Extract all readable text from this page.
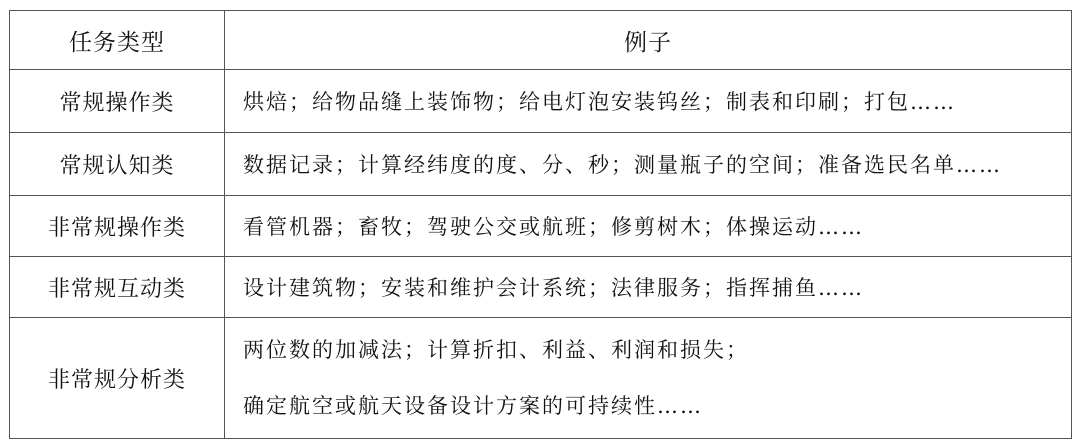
任务类型	例子
常规操作类	烘焙；给物品缝上装饰物；给电灯泡安装钨丝；制表和印刷；打包……
常规认知类	数据记录；计算经纬度的度、分、秒；测量瓶子的空间；准备选民名单……
非常规操作类	看管机器；畜牧；驾驶公交或航班；修剪树木；体操运动……
非常规互动类	设计建筑物；安装和维护会计系统；法律服务；指挥捕鱼……
非常规分析类	两位数的加减法；计算折扣、利益、利润和损失；
确定航空或航天设备设计方案的可持续性……
